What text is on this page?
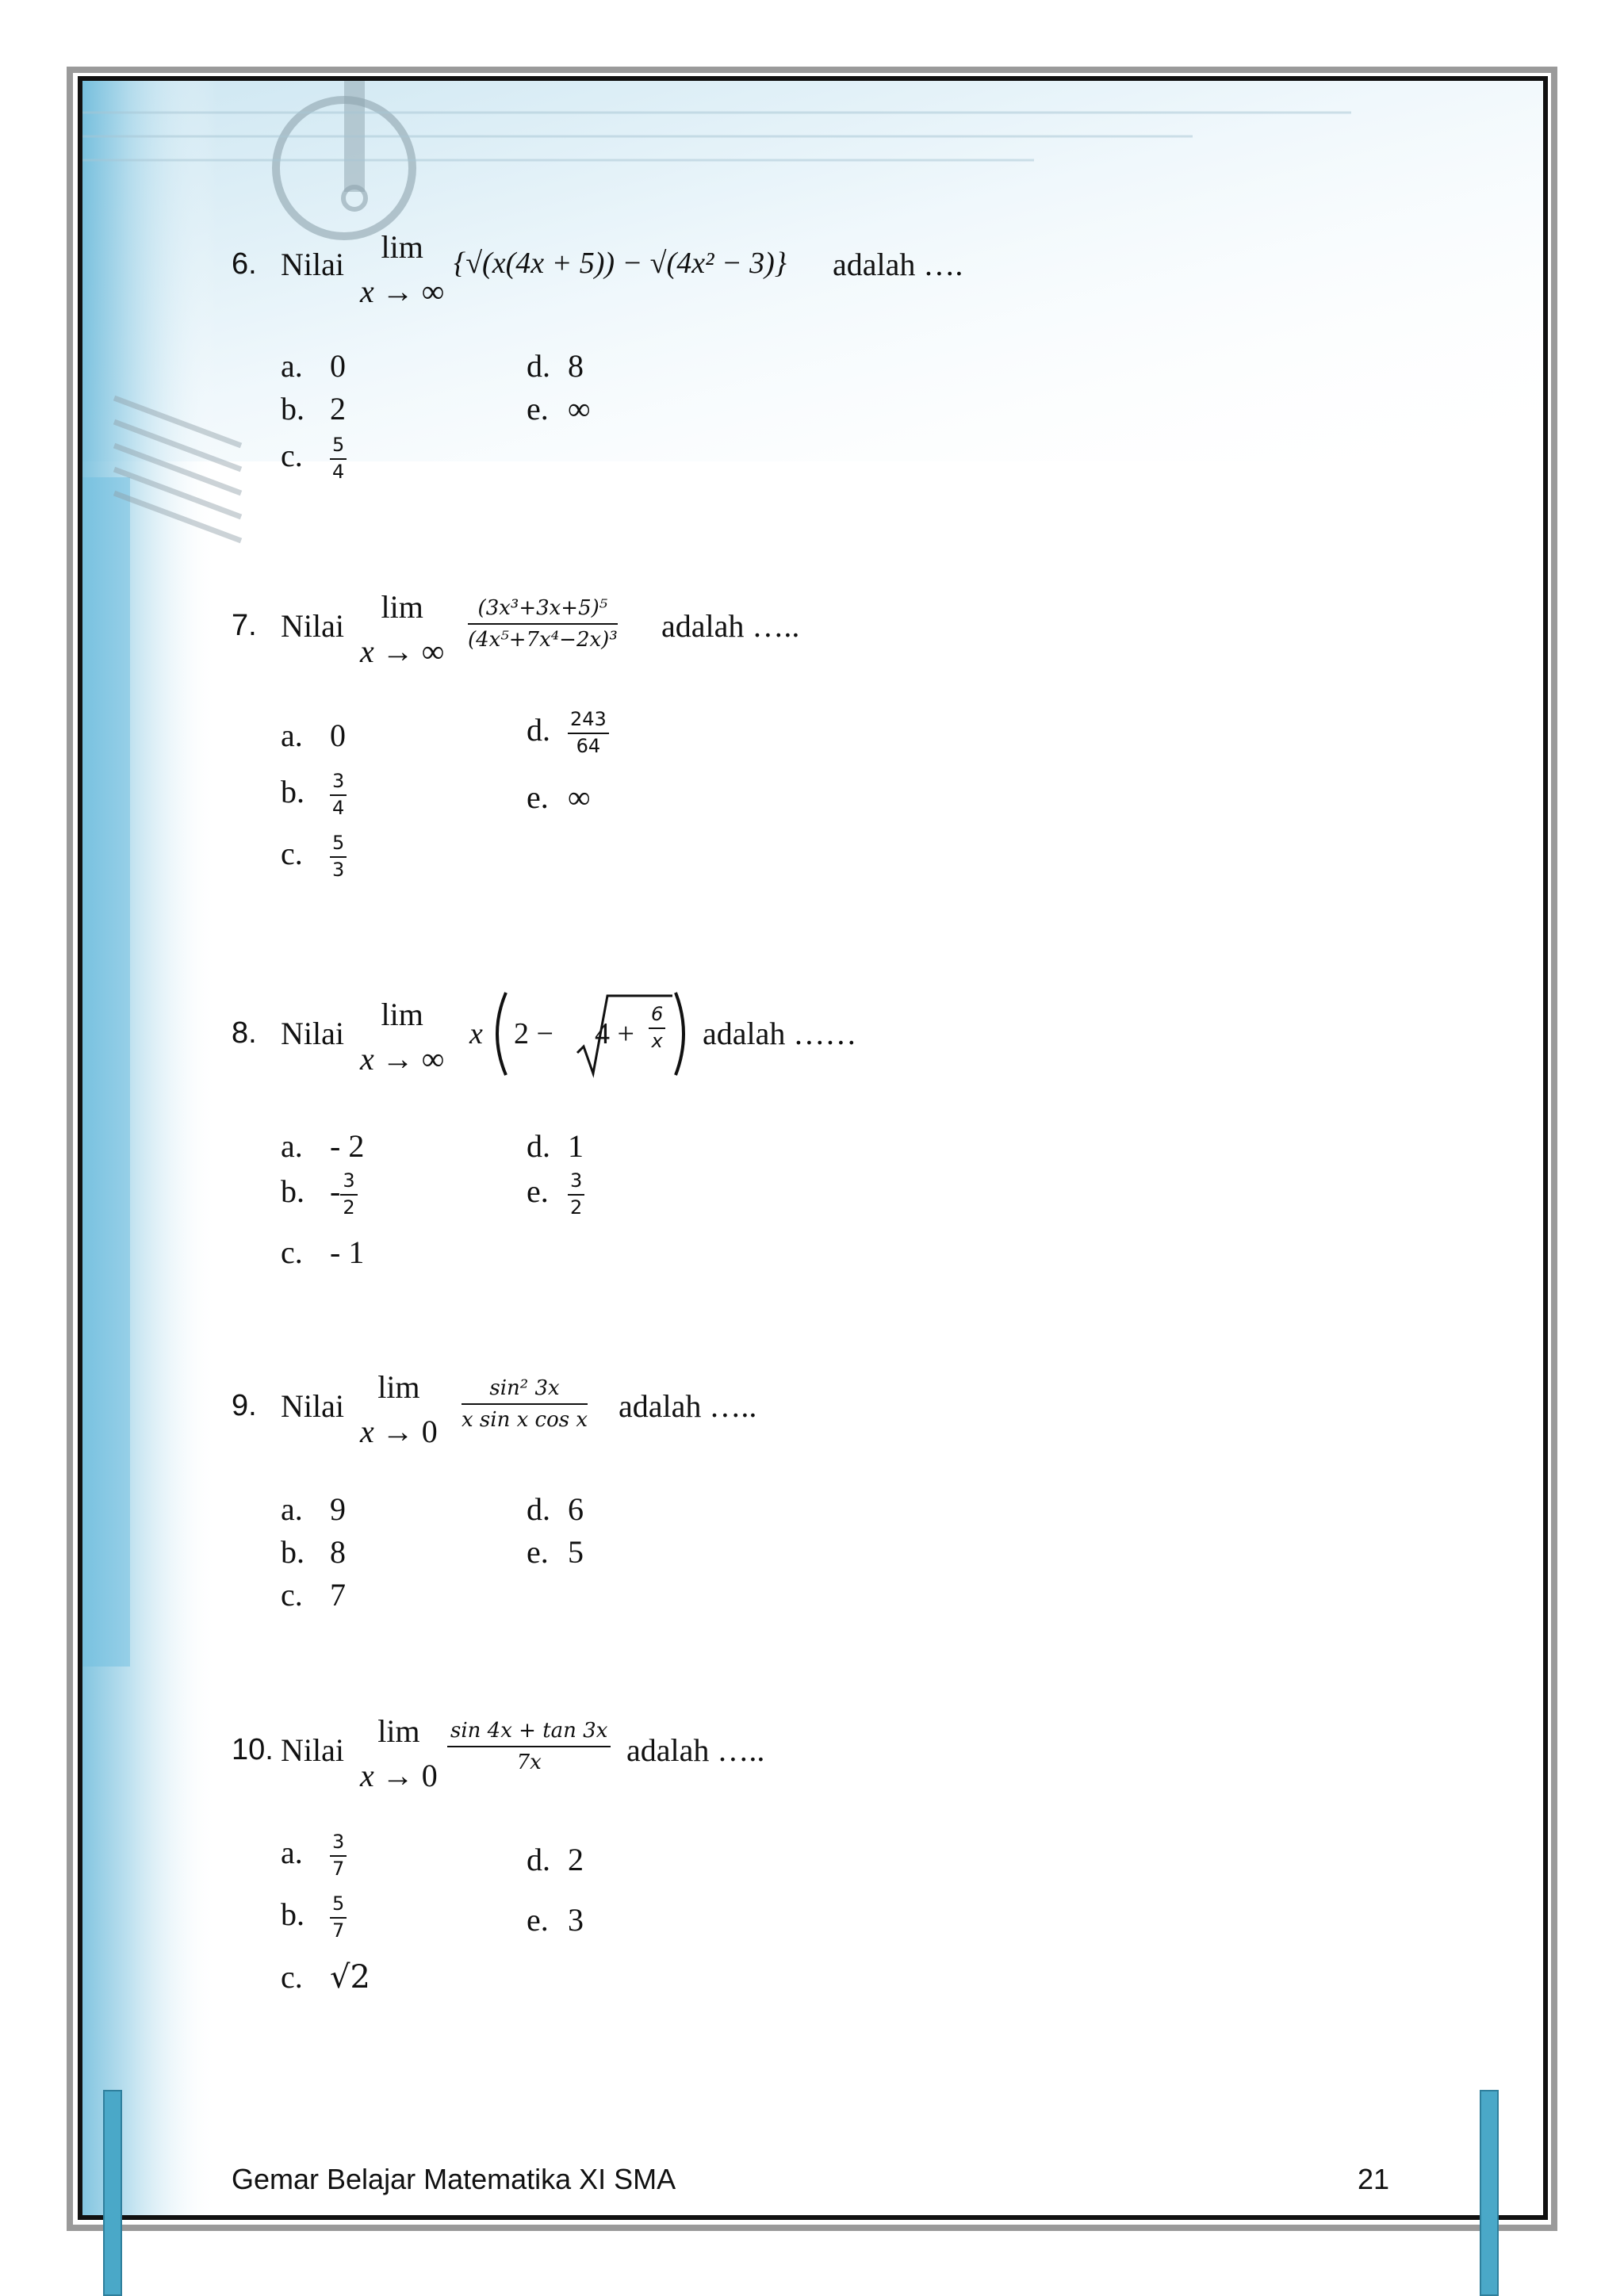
6. Nilai	lim
x → ∞
{√(x(4x + 5)) − √(4x² − 3)} adalah ….
a. 0
b. 2
c. $\frac{5}{4}$
d. 8
e. ∞
7. Nilai
lim
x → ∞ $\frac{\text{(3x³+3x+5)⁵}}{\text{(4x⁵+7x⁴−2x)³}}$ adalah …..
a. 0
b. $\frac{3}{4}$
c. $\frac{5}{3}$
d. $\frac{243}{64}$
e. ∞
8. Nilai
lim
x → ∞
x 2 − 4 +
6
x adalah ……
a. - 2
b. - $\frac{3}{2}$
c. - 1
d. 1
e. $\frac{3}{2}$
9. Nilai
lim
$x \to 0 \frac{\text{sin² 3x}}{\text{x sin x cos x}}$ adalah …..
a. 9
b. 8
c. 7
d. 6
e. 5
10. Nilai
lim
x → 0
$\frac{\sin 4x + \tan 3x}{7x}$ adalah …..
a. $\frac{3}{7}$
b. $\frac{5}{7}$
c. √2
d. 2
e. 3
Gemar Belajar Matematika XI SMA	21
